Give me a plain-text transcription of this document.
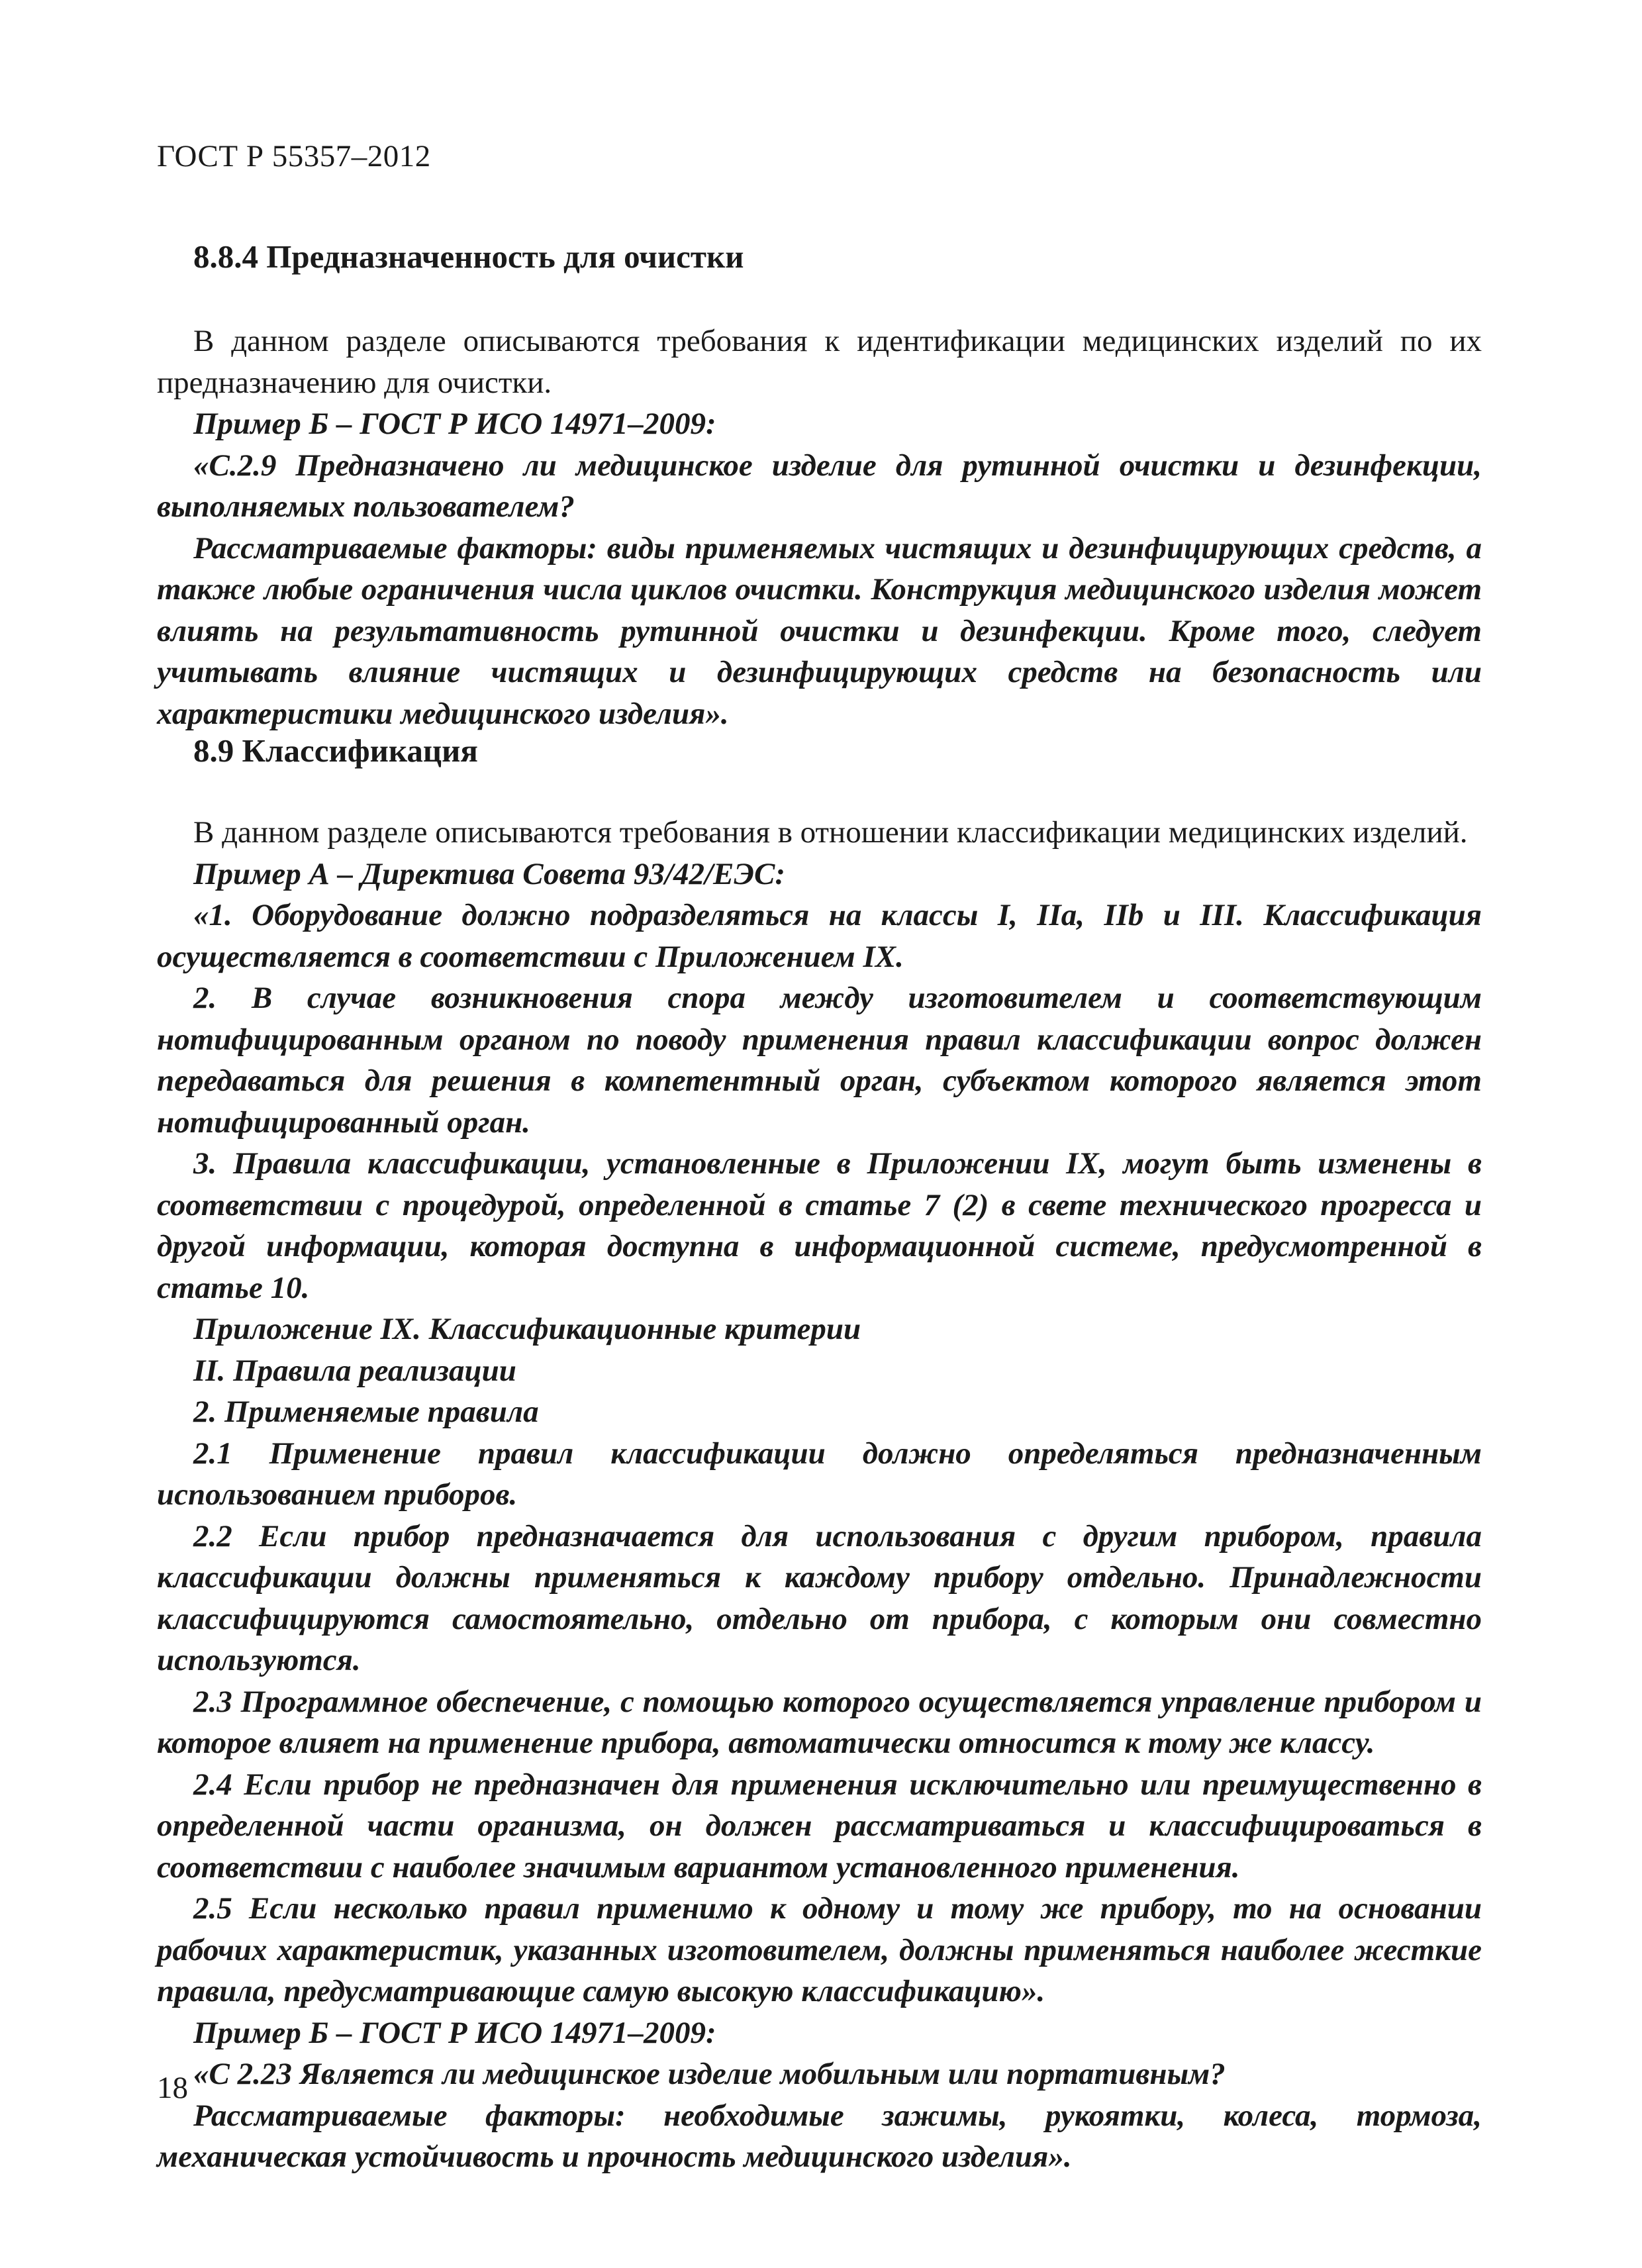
ГОСТ Р 55357–2012
8.8.4 Предназначенность для очистки

В данном разделе описываются требования к идентификации медицинских изделий по их предназначению для очистки.

Пример Б – ГОСТ Р ИСО 14971–2009:

«С.2.9 Предназначено ли медицинское изделие для рутинной очистки и дезинфекции, выполняемых пользователем?

Рассматриваемые факторы: виды применяемых чистящих и дезинфицирующих средств, а также любые ограничения числа циклов очистки. Конструкция медицинского изделия может влиять на результативность рутинной очистки и дезинфекции. Кроме того, следует учитывать влияние чистящих и дезинфицирующих средств на безопасность или характеристики медицинского изделия».

8.9 Классификация

В данном разделе описываются требования в отношении классификации медицинских изделий.

Пример А – Директива Совета 93/42/ЕЭС:

«1. Оборудование должно подразделяться на классы I, IIa, IIb и III. Классификация осуществляется в соответствии с Приложением IX.

2. В случае возникновения спора между изготовителем и соответствующим нотифицированным органом по поводу применения правил классификации вопрос должен передаваться для решения в компетентный орган, субъектом которого является этот нотифицированный орган.

3. Правила классификации, установленные в Приложении IX, могут быть изменены в соответствии с процедурой, определенной в статье 7 (2) в свете технического прогресса и другой информации, которая доступна в информационной системе, предусмотренной в статье 10.

Приложение IX. Классификационные критерии

II. Правила реализации

2. Применяемые правила

2.1 Применение правил классификации должно определяться предназначенным использованием приборов.

2.2 Если прибор предназначается для использования с другим прибором, правила классификации должны применяться к каждому прибору отдельно. Принадлежности классифицируются самостоятельно, отдельно от прибора, с которым они совместно используются.

2.3 Программное обеспечение, с помощью которого осуществляется управление прибором и которое влияет на применение прибора, автоматически относится к тому же классу.

2.4 Если прибор не предназначен для применения исключительно или преимущественно в определенной части организма, он должен рассматриваться и классифицироваться в соответствии с наиболее значимым вариантом установленного применения.

2.5 Если несколько правил применимо к одному и тому же прибору, то на основании рабочих характеристик, указанных изготовителем, должны применяться наиболее жесткие правила, предусматривающие самую высокую классификацию».

Пример Б – ГОСТ Р ИСО 14971–2009:

«С 2.23 Является ли медицинское изделие мобильным или портативным?

Рассматриваемые факторы: необходимые зажимы, рукоятки, колеса, тормоза, механическая устойчивость и прочность медицинского изделия».

18
